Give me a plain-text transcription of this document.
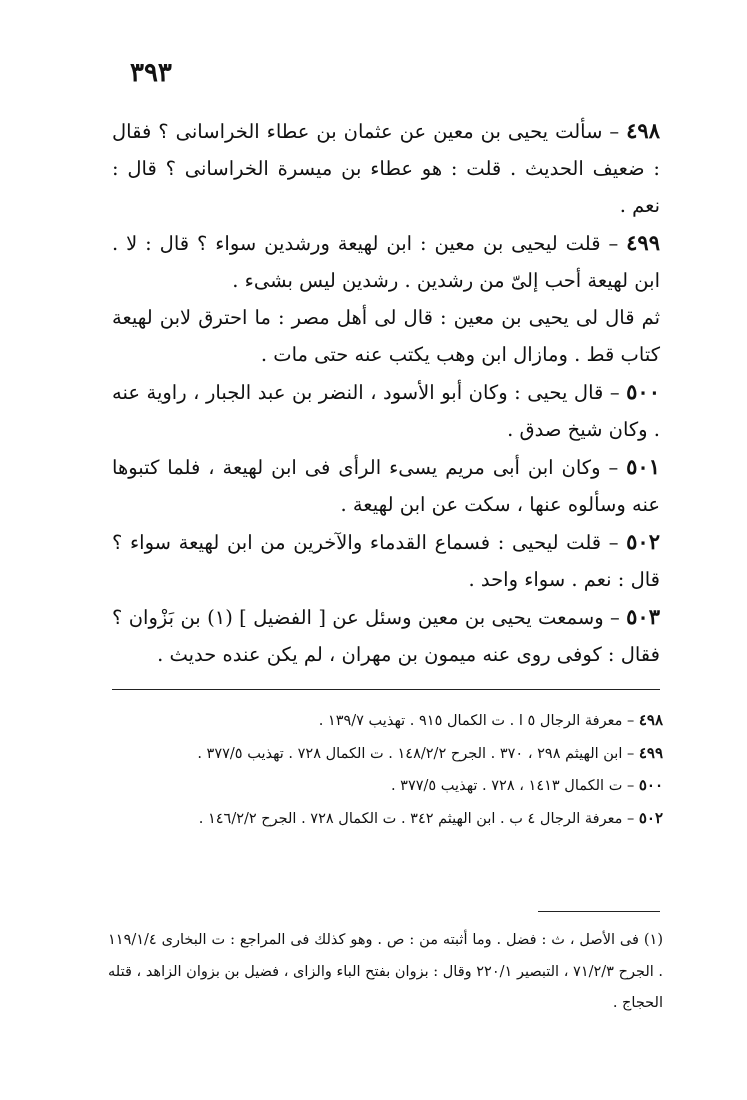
٣٩٣

٤٩٨ – سألت يحيى بن معين عن عثمان بن عطاء الخراسانى ؟ فقال : ضعيف الحديث . قلت : هو عطاء بن ميسرة الخراسانى ؟ قال : نعم .

٤٩٩ – قلت ليحيى بن معين : ابن لهيعة ورشدين سواء ؟ قال : لا . ابن لهيعة أحب إلىّ من رشدين . رشدين ليس بشىء .

ثم قال لى يحيى بن معين : قال لى أهل مصر : ما احترق لابن لهيعة كتاب قط . ومازال ابن وهب يكتب عنه حتى مات .

٥٠٠ – قال يحيى : وكان أبو الأسود ، النضر بن عبد الجبار ، راوية عنه . وكان شيخ صدق .

٥٠١ – وكان ابن أبى مريم يسىء الرأى فى ابن لهيعة ، فلما كتبوها عنه وسألوه عنها ، سكت عن ابن لهيعة .

٥٠٢ – قلت ليحيى : فسماع القدماء والآخرين من ابن لهيعة سواء ؟ قال : نعم . سواء واحد .

٥٠٣ – وسمعت يحيى بن معين وسئل عن [ الفضيل ] (١) بن بَزْوان ؟ فقال : كوفى روى عنه ميمون بن مهران ، لم يكن عنده حديث .

٤٩٨ – معرفة الرجال ٥ ا . ت الكمال ٩١٥ . تهذيب ١٣٩/٧ .

٤٩٩ – ابن الهيثم ٢٩٨ ، ٣٧٠ . الجرح ١٤٨/٢/٢ . ت الكمال ٧٢٨ . تهذيب ٣٧٧/٥ .

٥٠٠ – ت الكمال ١٤١٣ ، ٧٢٨ . تهذيب ٣٧٧/٥ .

٥٠٢ – معرفة الرجال ٤ ب . ابن الهيثم ٣٤٢ . ت الكمال ٧٢٨ . الجرح ١٤٦/٢/٢ .

(١) فى الأصل ، ث : فضل . وما أثبته من : ص . وهو كذلك فى المراجع : ت البخارى ١١٩/١/٤ . الجرح ٧١/٢/٣ ، التبصير ٢٢٠/١ وقال : بزوان بفتح الباء والزاى ، فضيل بن بزوان الزاهد ، قتله الحجاج .
